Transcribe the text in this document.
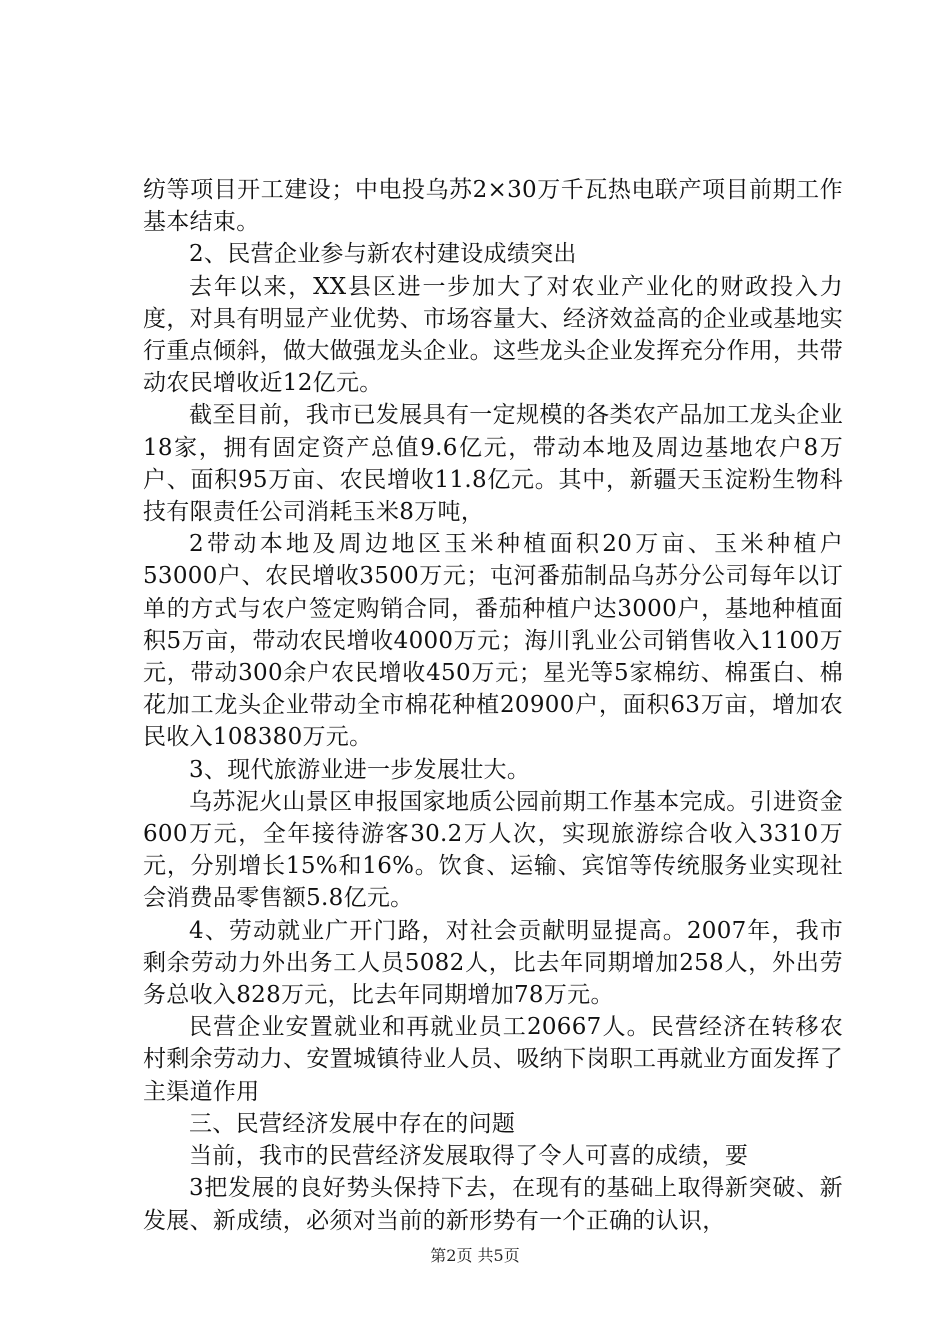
纺等项目开工建设；中电投乌苏2×30万千瓦热电联产项目前期工作基本结束。

2、民营企业参与新农村建设成绩突出

去年以来，XX县区进一步加大了对农业产业化的财政投入力度，对具有明显产业优势、市场容量大、经济效益高的企业或基地实行重点倾斜，做大做强龙头企业。这些龙头企业发挥充分作用，共带动农民增收近12亿元。

截至目前，我市已发展具有一定规模的各类农产品加工龙头企业18家，拥有固定资产总值9.6亿元，带动本地及周边基地农户8万户、面积95万亩、农民增收11.8亿元。其中，新疆天玉淀粉生物科技有限责任公司消耗玉米8万吨，

2带动本地及周边地区玉米种植面积20万亩、玉米种植户53000户、农民增收3500万元；屯河番茄制品乌苏分公司每年以订单的方式与农户签定购销合同，番茄种植户达3000户，基地种植面积5万亩，带动农民增收4000万元；海川乳业公司销售收入1100万元，带动300余户农民增收450万元；星光等5家棉纺、棉蛋白、棉花加工龙头企业带动全市棉花种植20900户，面积63万亩，增加农民收入108380万元。

3、现代旅游业进一步发展壮大。

乌苏泥火山景区申报国家地质公园前期工作基本完成。引进资金600万元，全年接待游客30.2万人次，实现旅游综合收入3310万元，分别增长15%和16%。饮食、运输、宾馆等传统服务业实现社会消费品零售额5.8亿元。

4、劳动就业广开门路，对社会贡献明显提高。2007年，我市剩余劳动力外出务工人员5082人，比去年同期增加258人，外出劳务总收入828万元，比去年同期增加78万元。

民营企业安置就业和再就业员工20667人。民营经济在转移农村剩余劳动力、安置城镇待业人员、吸纳下岗职工再就业方面发挥了主渠道作用

三、民营经济发展中存在的问题

当前，我市的民营经济发展取得了令人可喜的成绩，要

3把发展的良好势头保持下去，在现有的基础上取得新突破、新发展、新成绩，必须对当前的新形势有一个正确的认识，

第2页 共5页
